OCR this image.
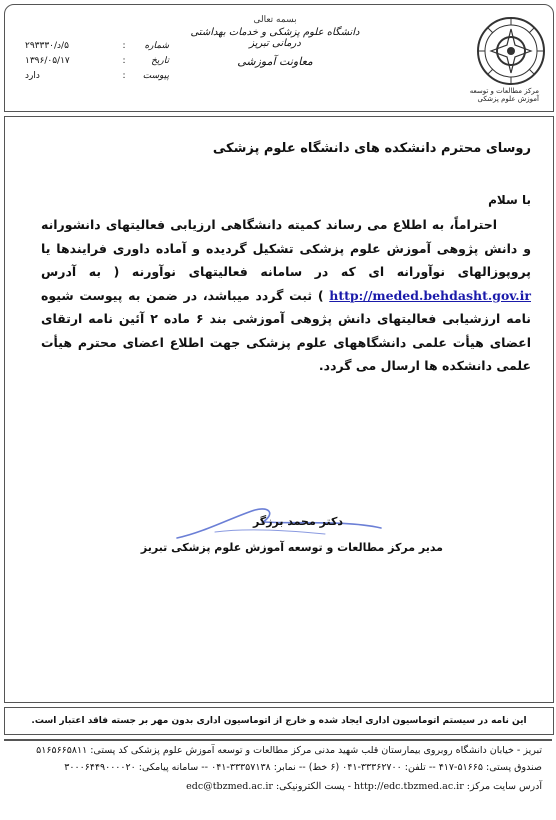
مرکز مطالعات و توسعه آموزش علوم پزشکی
بسمه تعالی
دانشگاه علوم پزشکی و خدمات بهداشتی درمانی تبریز
معاونت آموزشی
شماره
:
۵/د/۲۹۳۳۳۰
تاریخ
:
۱۳۹۶/۰۵/۱۷
پیوست
:
دارد
روسای محترم دانشکده های دانشگاه علوم پزشکی
با سلام
احتراماً، به اطلاع می رساند کمیته دانشگاهی ارزیابی فعالیتهای دانشورانه و دانش پژوهی آموزش علوم پزشکی تشکیل گردیده و آماده داوری فرایندها یا پروپوزالهای نوآورانه ای که در سامانه فعالیتهای نوآورنه ( به آدرس http://meded.behdasht.gov.ir ) ثبت گردد میباشد، در ضمن به پیوست شیوه نامه ارزشیابی فعالیتهای دانش پژوهی آموزشی بند ۶ ماده ۲ آئین نامه ارتقای اعضای هیأت علمی دانشگاههای علوم پزشکی جهت اطلاع اعضای محترم هیأت علمی دانشکده ها ارسال می گردد.
دکتر محمد برزگر
مدیر مرکز مطالعات و توسعه آموزش علوم پزشکی تبریز
این نامه در سیستم اتوماسیون اداری ایجاد شده و خارج از اتوماسیون اداری بدون مهر بر جسته فاقد اعتبار است.
تبریز - خیابان دانشگاه روبروی بیمارستان قلب شهید مدنی مرکز مطالعات و توسعه آموزش علوم پزشکی کد پستی: ۵۱۶۵۶۶۵۸۱۱
صندوق پستی: ۵۱۶۶۵-۴۱۷ -- تلفن: ۳۳۳۶۲۷۰۰-۰۴۱ (۶ خط) -- نمابر: ۳۳۳۵۷۱۳۸-۰۴۱ -- سامانه پیامکی: ۳۰۰۰۶۴۴۹۰۰۰۰۲۰
آدرس سایت مرکز: http://edc.tbzmed.ac.ir - پست الکترونیکی: edc@tbzmed.ac.ir
